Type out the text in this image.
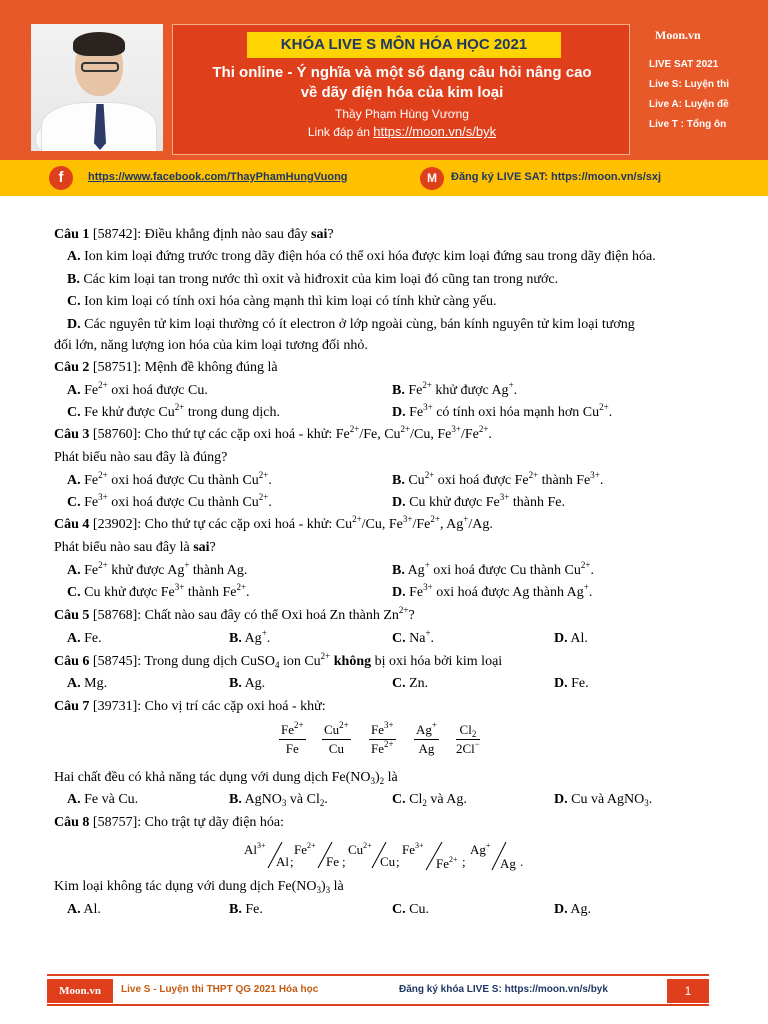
KHÓA LIVE S MÔN HÓA HỌC 2021
Thi online - Ý nghĩa và một số dạng câu hỏi nâng cao
về dãy điện hóa của kim loại
Thầy Phạm Hùng Vương
Link đáp án https://moon.vn/s/byk
Moon.vn
LIVE SAT 2021
Live S: Luyện thi
Live A: Luyện đề
Live T : Tổng ôn
f	https://www.facebook.com/ThayPhamHungVuong	M	Đăng ký LIVE SAT: https://moon.vn/s/sxj
Câu 1 [58742]: Điều khẳng định nào sau đây sai?
A. Ion kim loại đứng trước trong dãy điện hóa có thể oxi hóa được kim loại đứng sau trong dãy điện hóa.
B. Các kim loại tan trong nước thì oxit và hiđroxit của kim loại đó cũng tan trong nước.
C. Ion kim loại có tính oxi hóa càng mạnh thì kim loại có tính khử càng yếu.
D. Các nguyên tử kim loại thường có ít electron ở lớp ngoài cùng, bán kính nguyên tử kim loại tương
đối lớn, năng lượng ion hóa của kim loại tương đối nhỏ.
Câu 2 [58751]: Mệnh đề không đúng là
A. $Fe^{2+}$ oxi hoá được Cu.	B. $Fe^{2+}$ khử được Ag+.
C. Fe khử được $Cu^{2+}$ trong dung dịch.	D. $Fe^{3+}$ có tính oxi hóa mạnh hơn $Cu^{2+}$.
Câu 3 [58760]: Cho thứ tự các cặp oxi hoá - khử: $Fe^{2+}/Fe$, $Cu^{2+}/Cu$, $Fe^{3+}/Fe^{2+}$.
Phát biểu nào sau đây là đúng?
A. $Fe^{2+}$ oxi hoá được Cu thành $Cu^{2+}$.	B. $Cu^{2+}$ oxi hoá được $Fe^{2+}$ thành $Fe^{3+}$.
C. $Fe^{3+}$ oxi hoá được Cu thành $Cu^{2+}$.	D. Cu khử được $Fe^{3+}$ thành Fe.
Câu 4 [23902]: Cho thứ tự các cặp oxi hoá - khử: $Cu^{2+}/Cu$, $Fe^{3+}/Fe^{2+}$, Ag+/Ag.
Phát biểu nào sau đây là sai?
A. $Fe^{2+}$ khử được Ag+ thành Ag.	B. Ag+ oxi hoá được Cu thành $Cu^{2+}$.
C. Cu khử được $Fe^{3+}$ thành $Fe^{2+}$.	D. $Fe^{3+}$ oxi hoá được Ag thành Ag+.
Câu 5 [58768]: Chất nào sau đây có thể Oxi hoá Zn thành $Zn^{2+}$?
A. Fe.	B. Ag+.	C. Na+.	D. Al.
Câu 6 [58745]: Trong dung dịch CuSO$_4$ ion $Cu^{2+}$ không bị oxi hóa bởi kim loại
A. Mg.	B. Ag.	C. Zn.	D. Fe.
Câu 7 [39731]: Cho vị trí các cặp oxi hoá - khử:
$\frac{Fe^{2+}}{Fe} \frac{Cu^{2+}}{Cu} \frac{Fe^{3+}}{Fe^{2+}} \frac{Ag^+}{Ag} \frac{Cl_2}{2Cl^-}$
Hai chất đều có khả năng tác dụng với dung dịch $Fe(NO_3)_2$ là
A. Fe và Cu.	B. AgNO$_3$ và $Cl_2$.	C. $Cl_2$ và Ag.	D. Cu và AgNO$_3$.
Câu 8 [58757]: Cho trật tự dãy điện hóa:
$Al^{3+}$
Al ;
$Fe^{2+}$
Fe ;
$Cu^{2+}$
Cu ;
$Fe^{3+}$
$Fe^{2+}$ ;
Ag+
Ag .
Kim loại không tác dụng với dung dịch $Fe(NO_3)_3$ là
A. Al.	B. Fe.	C. Cu.	D. Ag.
Moon.vn	Live S - Luyện thi THPT QG 2021 Hóa học	Đăng ký khóa LIVE S: https://moon.vn/s/byk	1
